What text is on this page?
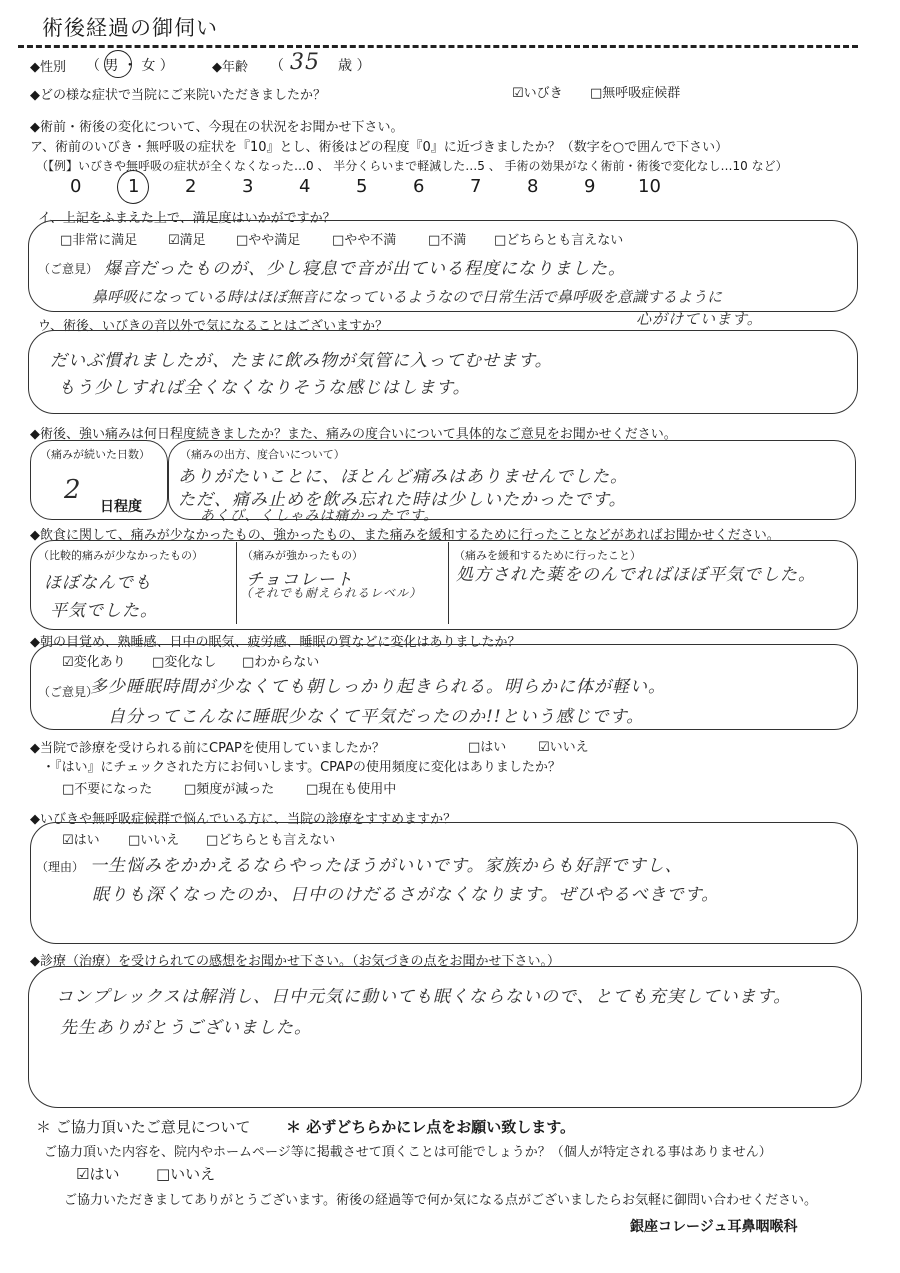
術後経過の御伺い
◆性別 （ 男 ・ 女 ）	◆年齢 （ 35 歳 ）
◆どの様な症状で当院にご来院いただきましたか？	☑いびき □無呼吸症候群
◆術前・術後の変化について、今現在の状況をお聞かせ下さい。
ア、術前のいびき・無呼吸の症状を『10』とし、術後はどの程度『0』に近づきましたか？（数字を○で囲んで下さい）
（【例】いびきや無呼吸の症状が全くなくなった…0 、 半分くらいまで軽減した…5 、 手術の効果がなく術前・術後で変化なし…10 など）
0	1	2	3	4	5	6	7	8	9 10
イ、上記をふまえた上で、満足度はいかがですか？
□非常に満足 ☑満足 □やや満足 □やや不満 □不満 □どちらとも言えない
（ご意見） 爆音だったものが、少し寝息で音が出ている程度になりました。
鼻呼吸になっている時はほぼ無音になっているようなので日常生活で鼻呼吸を意識するように
心がけています。
ウ、術後、いびきの音以外で気になることはございますか？
だいぶ慣れましたが、たまに飲み物が気管に入ってむせます。
もう少しすれば全くなくなりそうな感じはします。
◆術後、強い痛みは何日程度続きましたか？また、痛みの度合いについて具体的なご意見をお聞かせください。
（痛みが続いた日数）
2
日程度
（痛みの出方、度合いについて）
ありがたいことに、ほとんど痛みはありませんでした。
ただ、痛み止めを飲み忘れた時は少しいたかったです。
あくび、くしゃみは痛かったです。
◆飲食に関して、痛みが少なかったもの、強かったもの、また痛みを緩和するために行ったことなどがあればお聞かせください。
（比較的痛みが少なかったもの）
ほぼなんでも
平気でした。
（痛みが強かったもの）
チョコレート
（それでも耐えられるレベル）
（痛みを緩和するために行ったこと）
処方された薬をのんでればほぼ平気でした。
◆朝の目覚め、熟睡感、日中の眠気、疲労感、睡眠の質などに変化はありましたか？
☑変化あり □変化なし □わからない
（ご意見）
多少睡眠時間が少なくても朝しっかり起きられる。明らかに体が軽い。
自分ってこんなに睡眠少なくて平気だったのか!!という感じです。
◆当院で診療を受けられる前にCPAPを使用していましたか？	□はい ☑いいえ
・『はい』にチェックされた方にお伺いします。CPAPの使用頻度に変化はありましたか？
□不要になった □頻度が減った □現在も使用中
◆いびきや無呼吸症候群で悩んでいる方に、当院の診療をすすめますか？
☑はい □いいえ □どちらとも言えない
（理由） 一生悩みをかかえるならやったほうがいいです。家族からも好評ですし、
眠りも深くなったのか、日中のけだるさがなくなります。ぜひやるべきです。
◆診療（治療）を受けられての感想をお聞かせ下さい。（お気づきの点をお聞かせ下さい。）
コンプレックスは解消し、日中元気に動いても眠くならないので、とても充実しています。
先生ありがとうございました。
＊ ご協力頂いたご意見について ＊ 必ずどちらかにレ点をお願い致します。
ご協力頂いた内容を、院内やホームページ等に掲載させて頂くことは可能でしょうか？（個人が特定される事はありません）
☑はい □いいえ
ご協力いただきましてありがとうございます。術後の経過等で何か気になる点がございましたらお気軽に御問い合わせください。
銀座コレージュ耳鼻咽喉科
